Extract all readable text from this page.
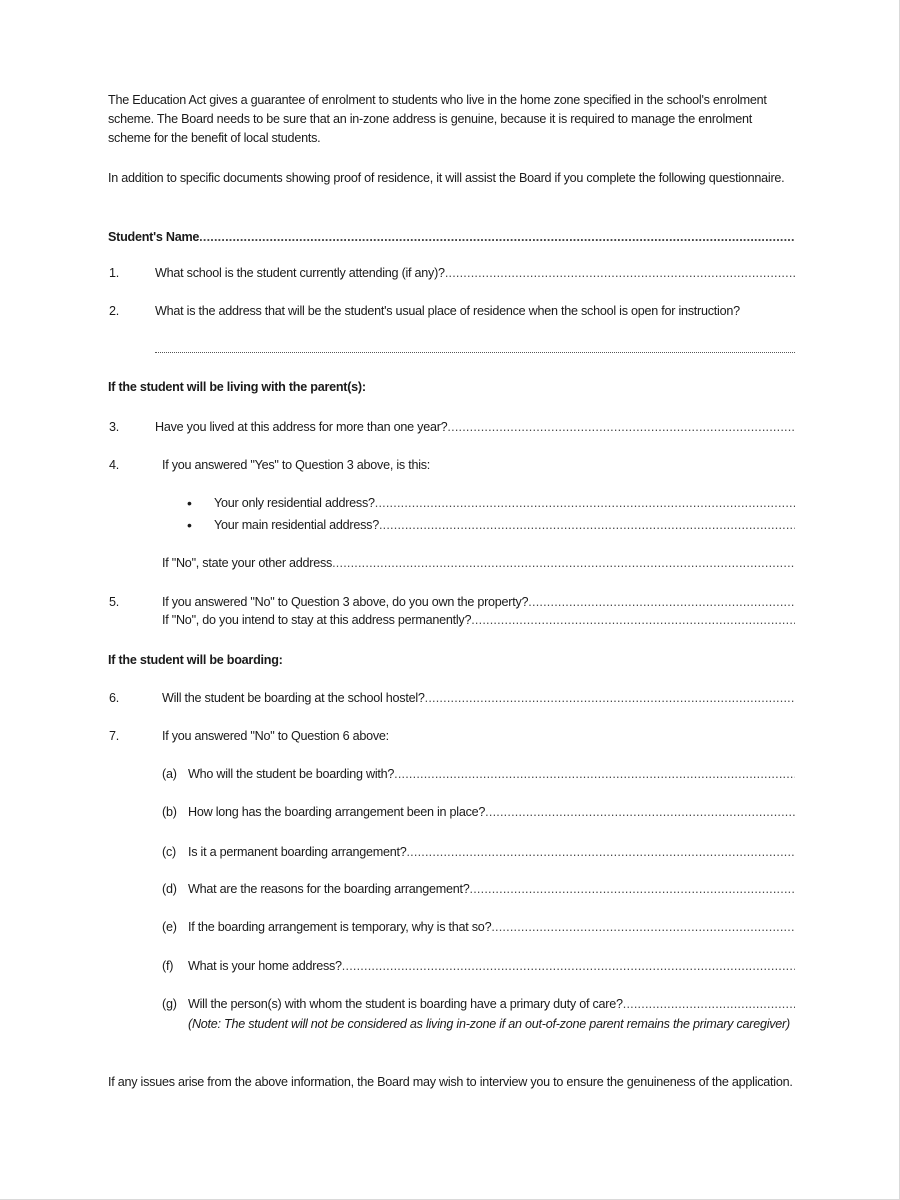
The Education Act gives a guarantee of enrolment to students who live in the home zone specified in the school's enrolment scheme. The Board needs to be sure that an in-zone address is genuine, because it is required to manage the enrolment scheme for the benefit of local students.

In addition to specific documents showing proof of residence, it will assist the Board if you complete the following questionnaire.

Student's Name
.....
1.	What school is the student currently attending (if any)?
.....
2.	What is the address that will be the student's usual place of residence when the school is open for instruction?

If the student will be living with the parent(s):
3.	Have you lived at this address for more than one year?
.....
4.	If you answered "Yes" to Question 3 above, is this:
• Your only residential address?
.....
• Your main residential address?
.....
If "No", state your other address
.....
5.	If you answered "No" to Question 3 above, do you own the property?
.....
If "No", do you intend to stay at this address permanently?
.....
If the student will be boarding:
6.	Will the student be boarding at the school hostel?
.....
7.	If you answered "No" to Question 6 above:
(a) Who will the student be boarding with?
.....
(b) How long has the boarding arrangement been in place?
.....
(c) Is it a permanent boarding arrangement?
.....
(d) What are the reasons for the boarding arrangement?
.....
(e) If the boarding arrangement is temporary, why is that so?
.....
(f) What is your home address?
.....
(g) Will the person(s) with whom the student is boarding have a primary duty of care?
.....

(Note: The student will not be considered as living in-zone if an out-of-zone parent remains the primary caregiver)

If any issues arise from the above information, the Board may wish to interview you to ensure the genuineness of the application.
